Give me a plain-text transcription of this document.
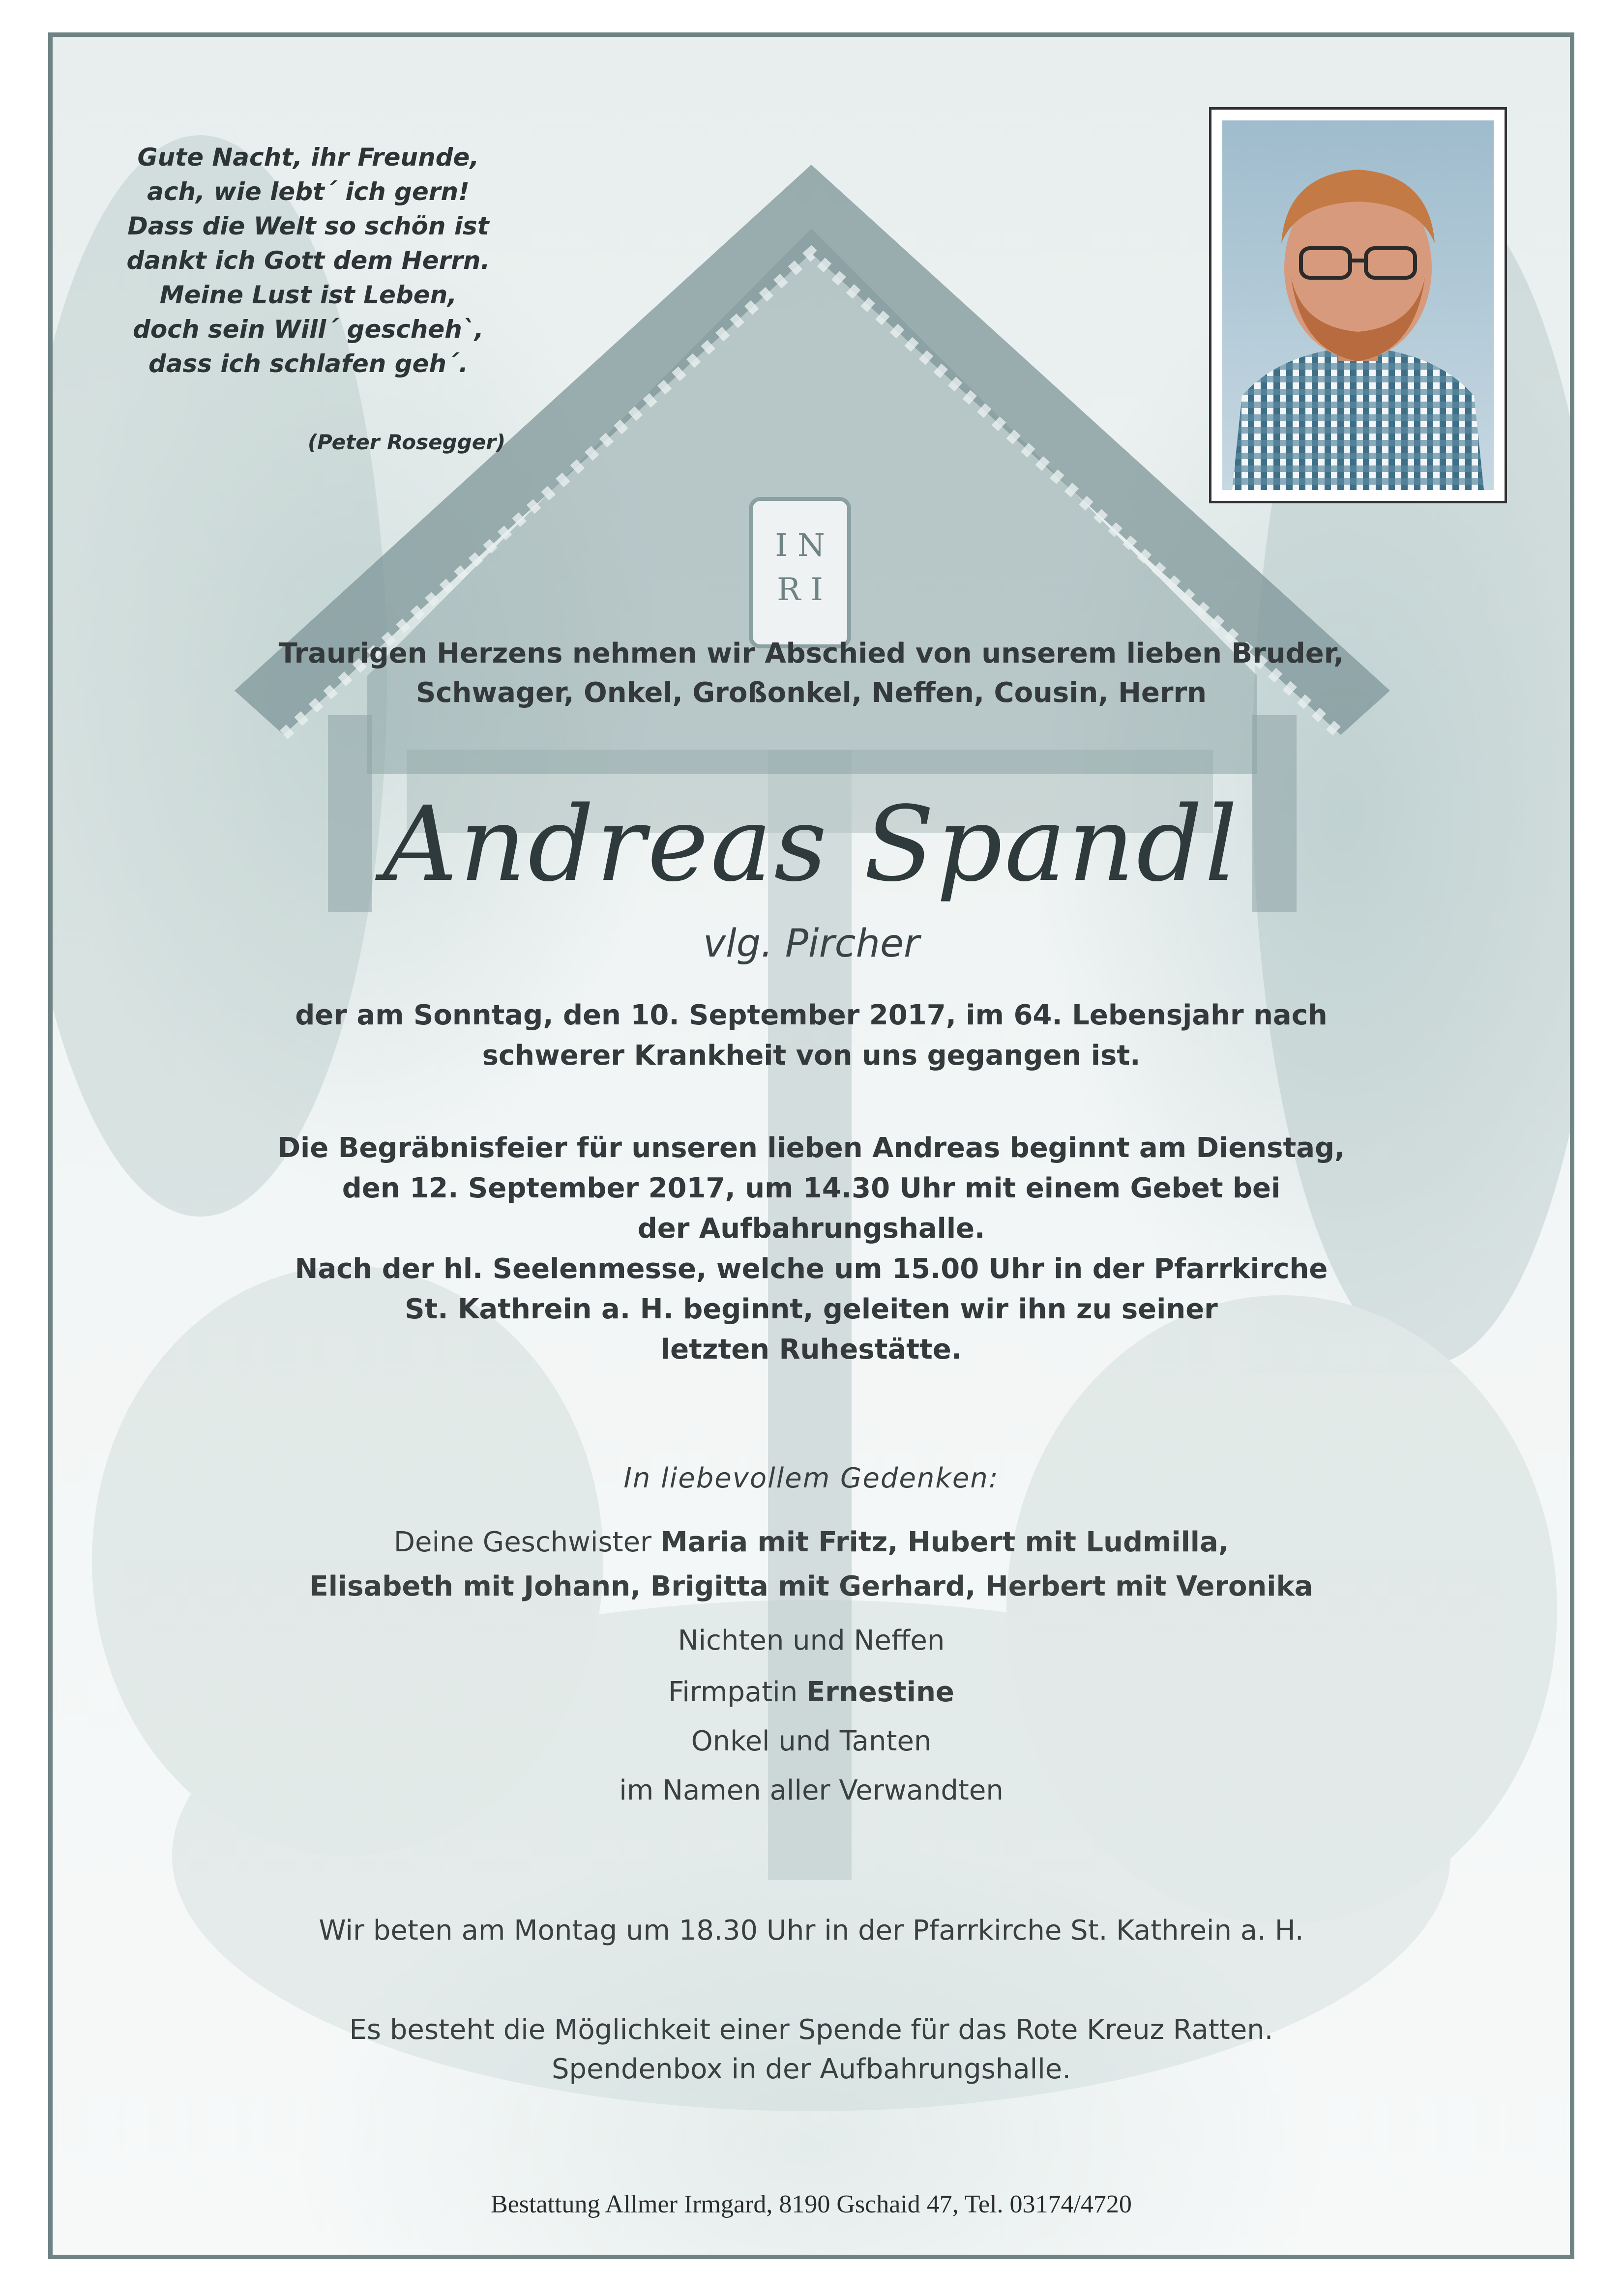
I N
R I
Gute Nacht, ihr Freunde,
ach, wie lebt´ ich gern!
Dass die Welt so schön ist
dankt ich Gott dem Herrn.
Meine Lust ist Leben,
doch sein Will´ gescheh`,
dass ich schlafen geh´.
(Peter Rosegger)
Traurigen Herzens nehmen wir Abschied von unserem lieben Bruder,
Schwager, Onkel, Großonkel, Neffen, Cousin, Herrn
Andreas Spandl
vlg. Pircher
der am Sonntag, den 10. September 2017, im 64. Lebensjahr nach
schwerer Krankheit von uns gegangen ist.
Die Begräbnisfeier für unseren lieben Andreas beginnt am Dienstag,
den 12. September 2017, um 14.30 Uhr mit einem Gebet bei
der Aufbahrungshalle.
Nach der hl. Seelenmesse, welche um 15.00 Uhr in der Pfarrkirche
St. Kathrein a. H. beginnt, geleiten wir ihn zu seiner
letzten Ruhestätte.
In liebevollem Gedenken:
Deine Geschwister Maria mit Fritz, Hubert mit Ludmilla,
Elisabeth mit Johann, Brigitta mit Gerhard, Herbert mit Veronika
Nichten und Neffen
Firmpatin Ernestine
Onkel und Tanten
im Namen aller Verwandten
Wir beten am Montag um 18.30 Uhr in der Pfarrkirche St. Kathrein a. H.
Es besteht die Möglichkeit einer Spende für das Rote Kreuz Ratten.
Spendenbox in der Aufbahrungshalle.
Bestattung Allmer Irmgard, 8190 Gschaid 47, Tel. 03174/4720
